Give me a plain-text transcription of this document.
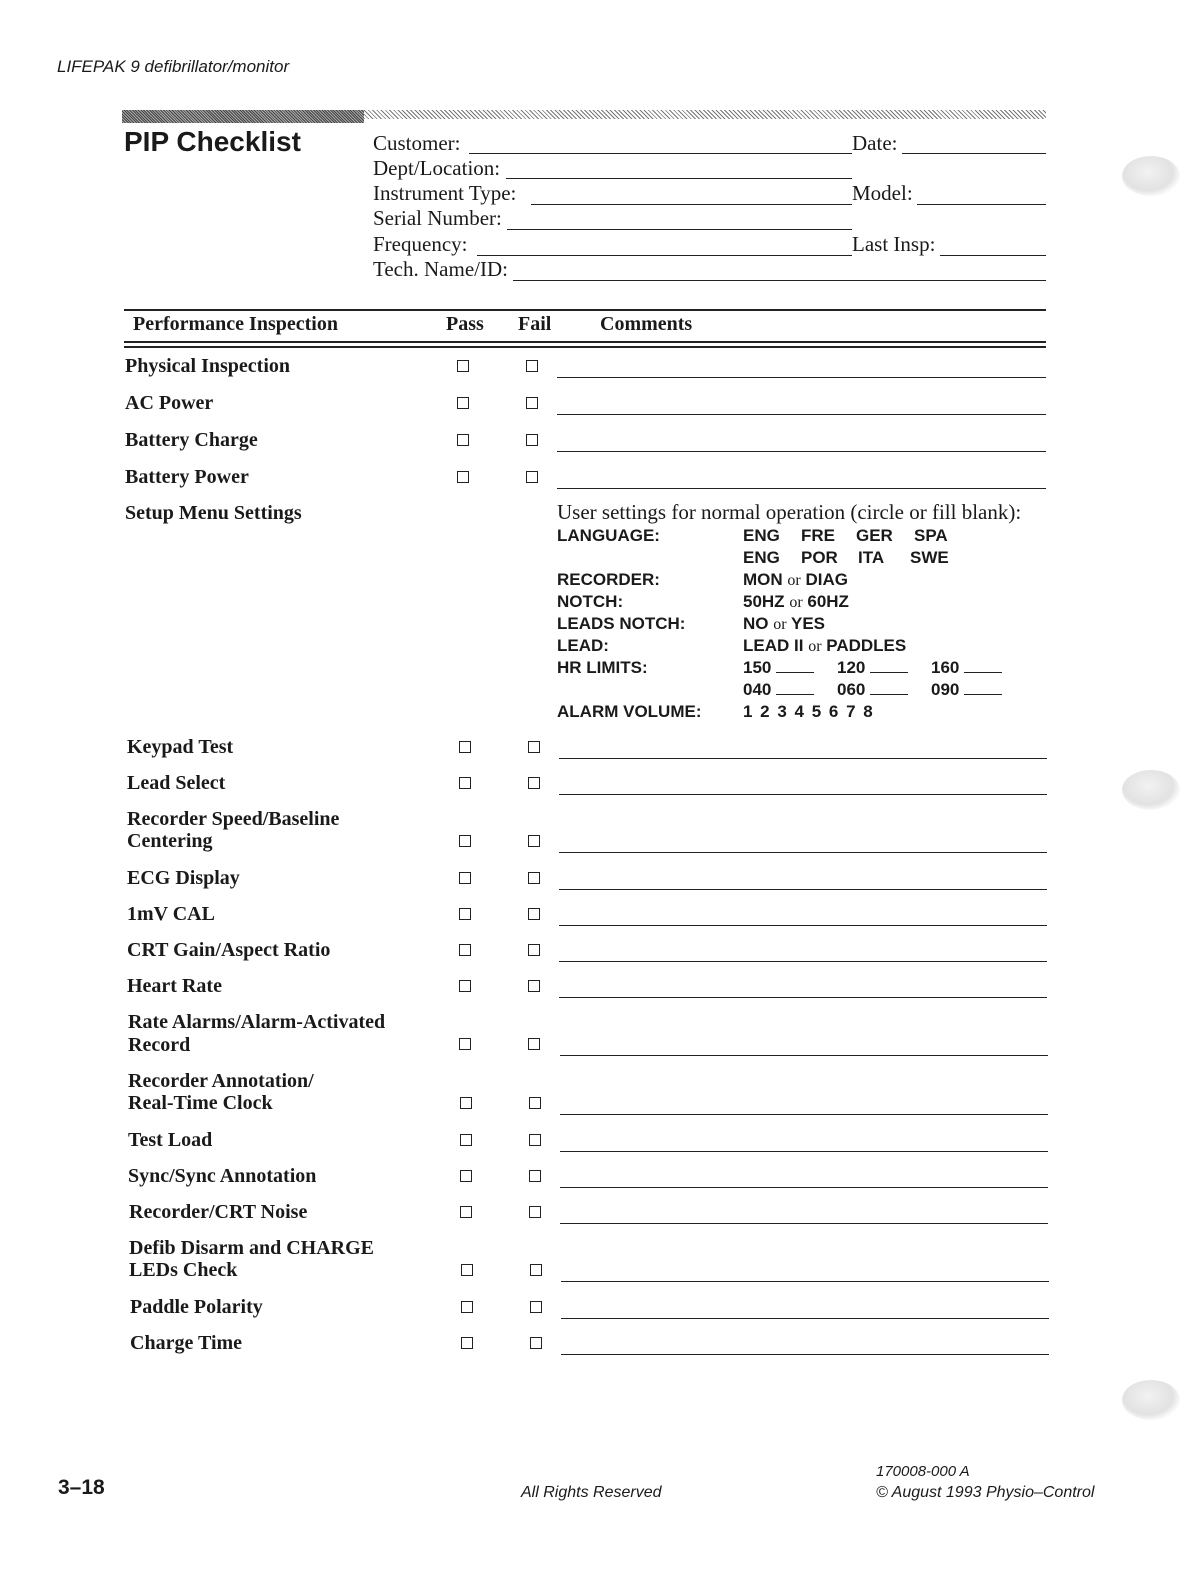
LIFEPAK 9 defibrillator/monitor
PIP Checklist	Customer:	Date:
Dept/Location:
Instrument Type:	Model:
Serial Number:
Frequency:	Last Insp:
Tech. Name/ID:
Performance Inspection	Pass Fail Comments
Physical Inspection
AC Power
Battery Charge
Battery Power
Setup Menu Settings	User settings for normal operation (circle or fill blank):
LANGUAGE:	ENG FRE GER SPA
ENG POR ITA SWE
RECORDER:	MON or DIAG
NOTCH:	50HZ or 60HZ
LEADS NOTCH:	NO or YES
LEAD:	LEAD II or PADDLES
HR LIMITS:	150	120	160
040	060	090
ALARM VOLUME: 1 2 3 4 5 6 7 8
Keypad Test
Lead Select
Recorder Speed/Baseline
Centering
ECG Display
1mV CAL
CRT Gain/Aspect Ratio
Heart Rate
Rate Alarms/Alarm-Activated
Record
Recorder Annotation/
Real-Time Clock
Test Load
Sync/Sync Annotation
Recorder/CRT Noise
Defib Disarm and CHARGE
LEDs Check
Paddle Polarity
Charge Time
3–18	All Rights Reserved
170008-000 A
© August 1993 Physio–Control
